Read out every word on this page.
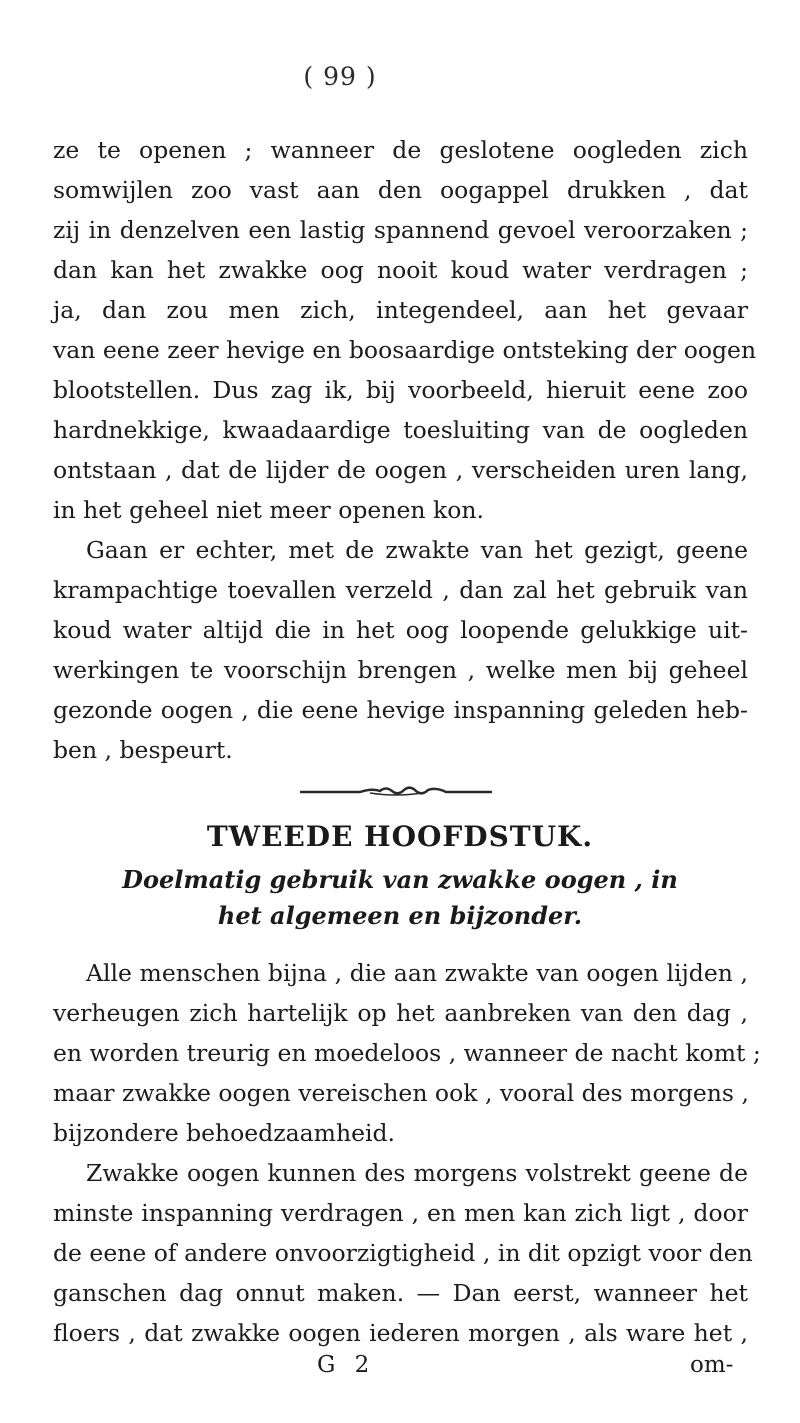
( 99 )
ze te openen ; wanneer de geslotene oogleden zich
somwijlen zoo vast aan den oogappel drukken , dat
zij in denzelven een lastig spannend gevoel veroorzaken ;
dan kan het zwakke oog nooit koud water verdragen ;
ja, dan zou men zich, integendeel, aan het gevaar
van eene zeer hevige en boosaardige ontsteking der oogen
blootstellen. Dus zag ik, bij voorbeeld, hieruit eene zoo
hardnekkige, kwaadaardige toesluiting van de oogleden
ontstaan , dat de lijder de oogen , verscheiden uren lang,
in het geheel niet meer openen kon.
Gaan er echter, met de zwakte van het gezigt, geene
krampachtige toevallen verzeld , dan zal het gebruik van
koud water altijd die in het oog loopende gelukkige uit-
werkingen te voorschijn brengen , welke men bij geheel
gezonde oogen , die eene hevige inspanning geleden heb-
ben , bespeurt.
TWEEDE HOOFDSTUK.
Doelmatig gebruik van zwakke oogen , in
het algemeen en bijzonder.
Alle menschen bijna , die aan zwakte van oogen lijden ,
verheugen zich hartelijk op het aanbreken van den dag ,
en worden treurig en moedeloos , wanneer de nacht komt ;
maar zwakke oogen vereischen ook , vooral des morgens ,
bijzondere behoedzaamheid.
Zwakke oogen kunnen des morgens volstrekt geene de
minste inspanning verdragen , en men kan zich ligt , door
de eene of andere onvoorzigtigheid , in dit opzigt voor den
ganschen dag onnut maken. — Dan eerst, wanneer het
floers , dat zwakke oogen iederen morgen , als ware het ,
G 2	om-
